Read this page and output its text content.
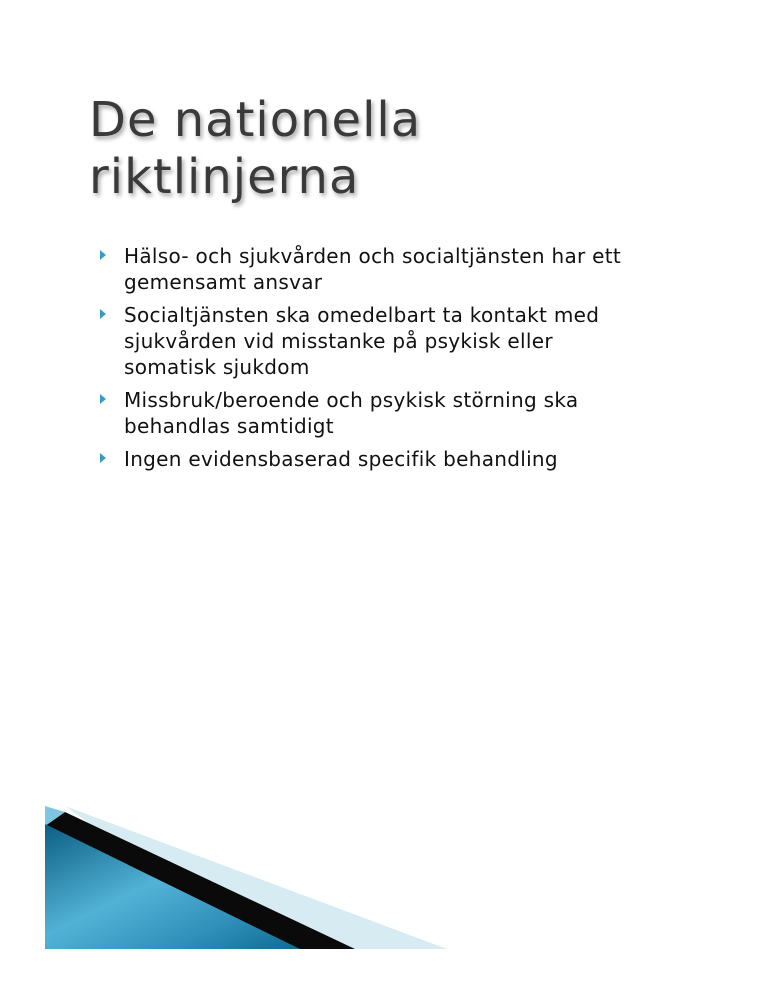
De nationella
riktlinjerna
Hälso- och sjukvården och socialtjänsten har ett
gemensamt ansvar
Socialtjänsten ska omedelbart ta kontakt med
sjukvården vid misstanke på psykisk eller
somatisk sjukdom
Missbruk/beroende och psykisk störning ska
behandlas samtidigt
Ingen evidensbaserad specifik behandling
